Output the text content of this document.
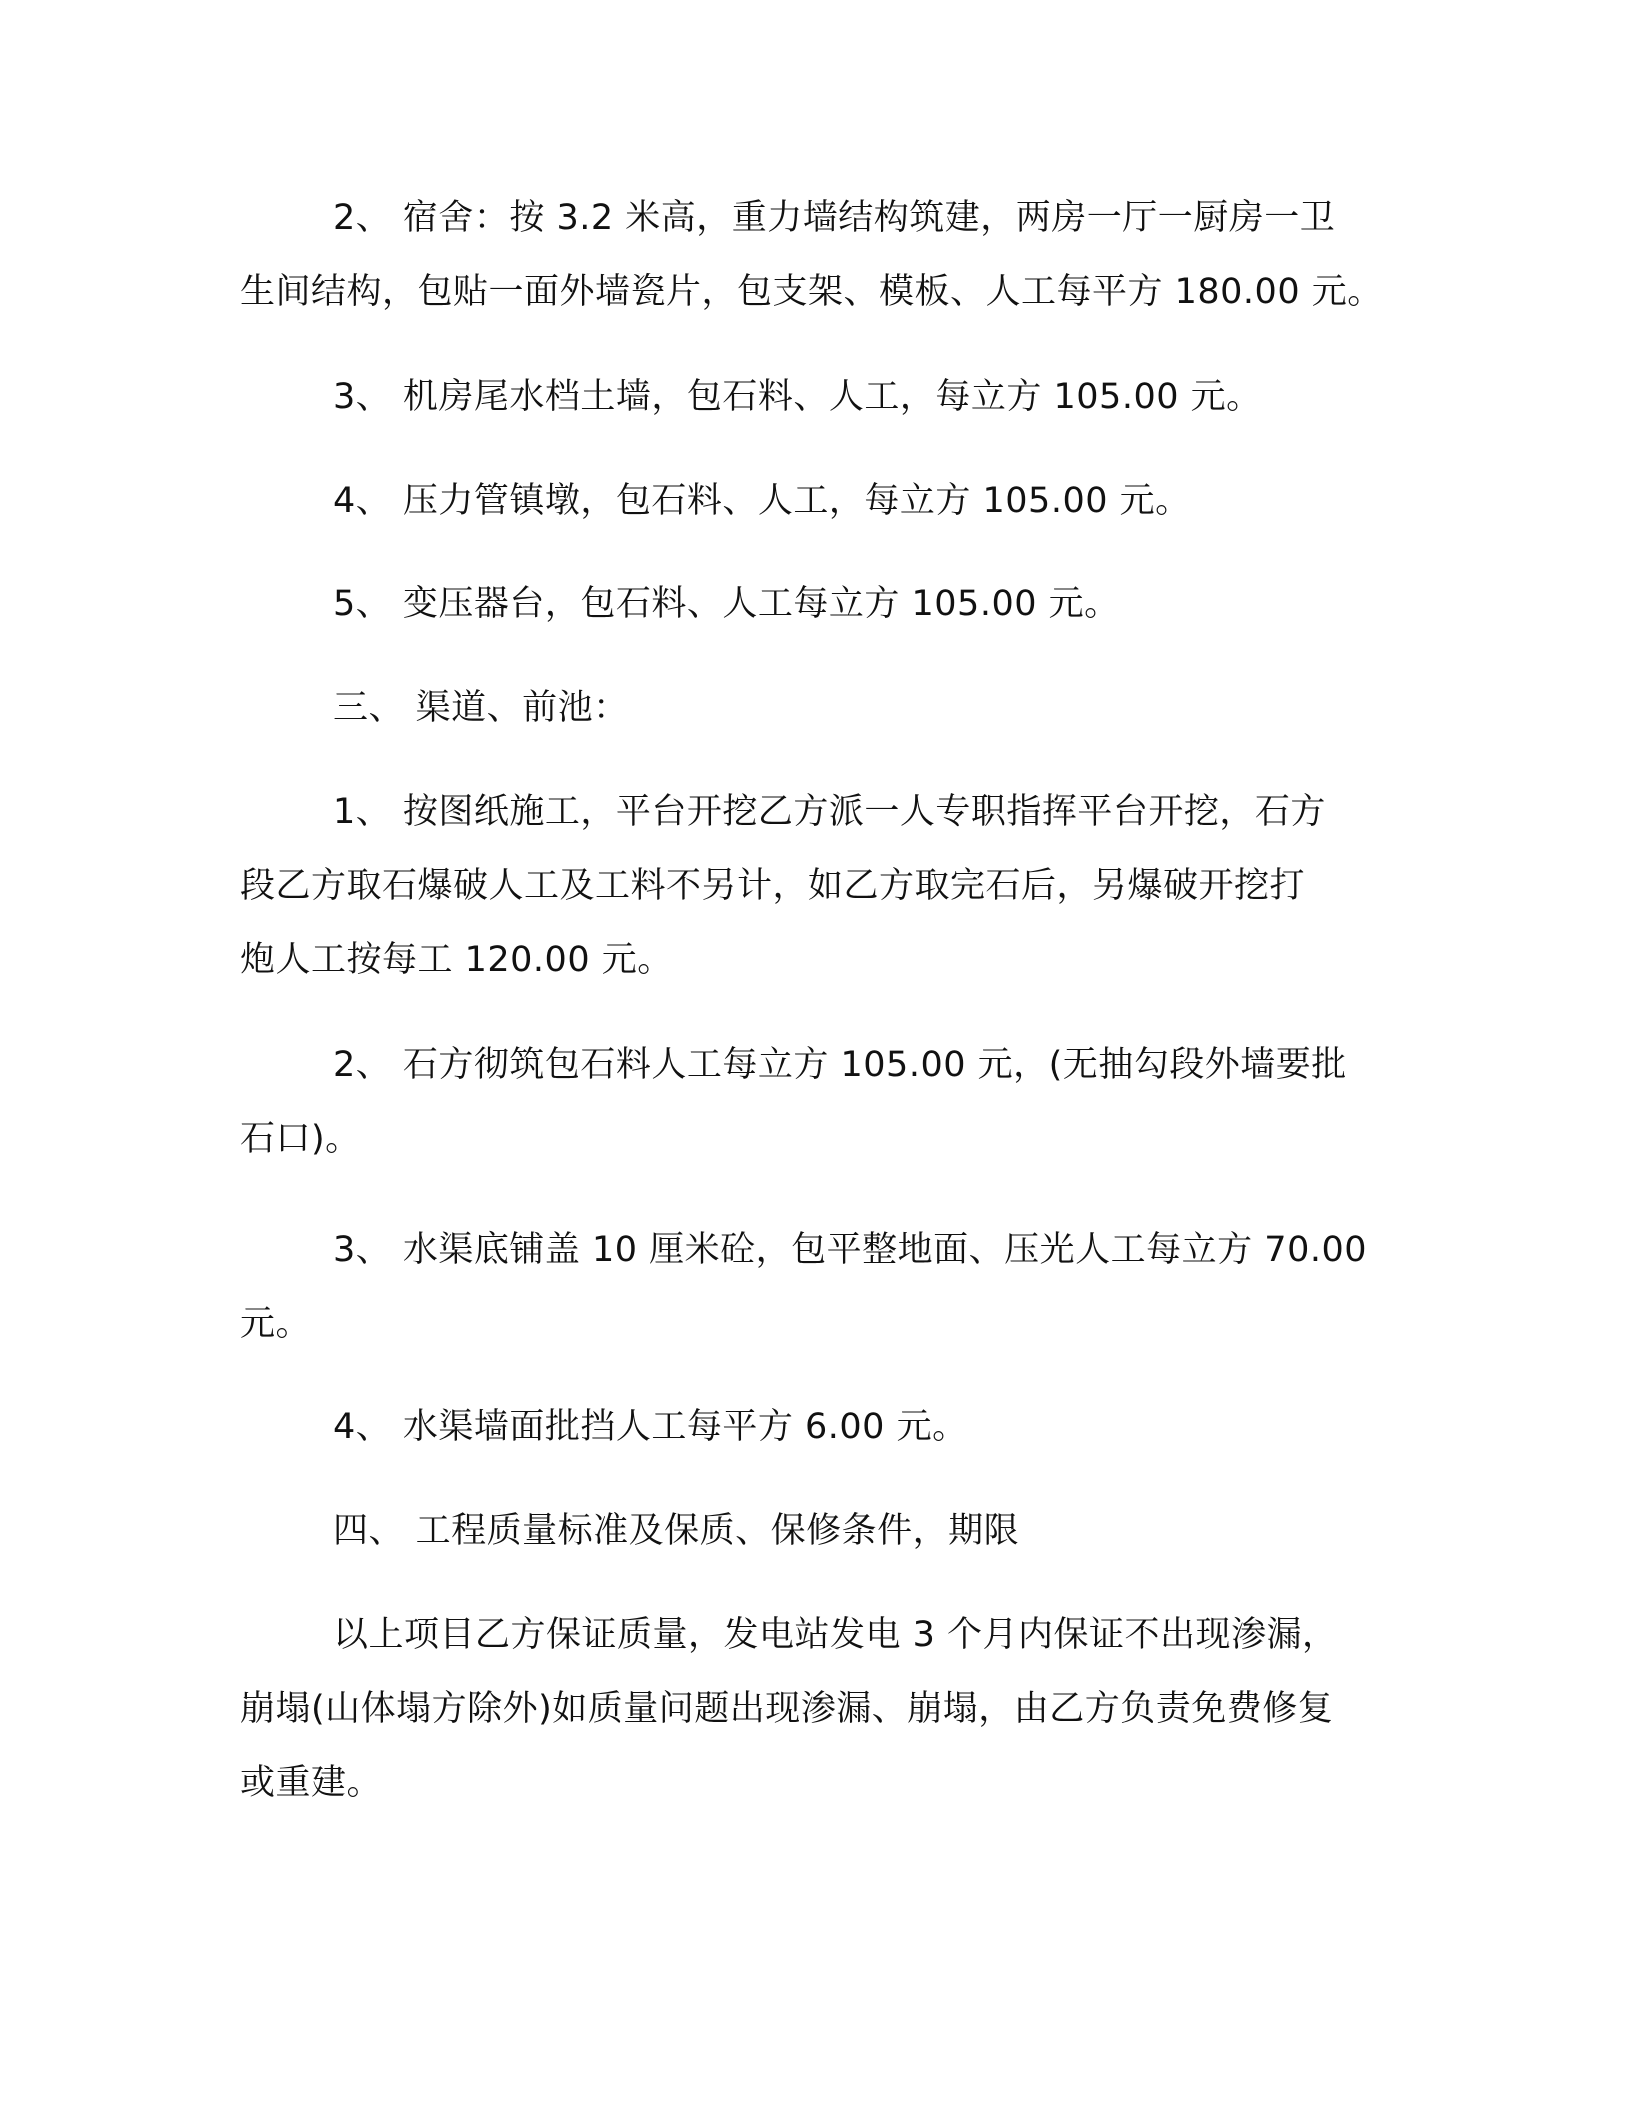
2、 宿舍：按 3.2 米高，重力墙结构筑建，两房一厅一厨房一卫
生间结构，包贴一面外墙瓷片，包支架、模板、人工每平方 180.00 元。
3、 机房尾水档土墙，包石料、人工，每立方 105.00 元。
4、 压力管镇墩，包石料、人工，每立方 105.00 元。
5、 变压器台，包石料、人工每立方 105.00 元。
三、 渠道、前池：
1、 按图纸施工，平台开挖乙方派一人专职指挥平台开挖，石方
段乙方取石爆破人工及工料不另计，如乙方取完石后，另爆破开挖打
炮人工按每工 120.00 元。
2、 石方彻筑包石料人工每立方 105.00 元，(无抽勾段外墙要批
石口)。
3、 水渠底铺盖 10 厘米砼，包平整地面、压光人工每立方 70.00
元。
4、 水渠墙面批挡人工每平方 6.00 元。
四、 工程质量标准及保质、保修条件，期限
以上项目乙方保证质量，发电站发电 3 个月内保证不出现渗漏，
崩塌(山体塌方除外)如质量问题出现渗漏、崩塌，由乙方负责免费修复
或重建。
